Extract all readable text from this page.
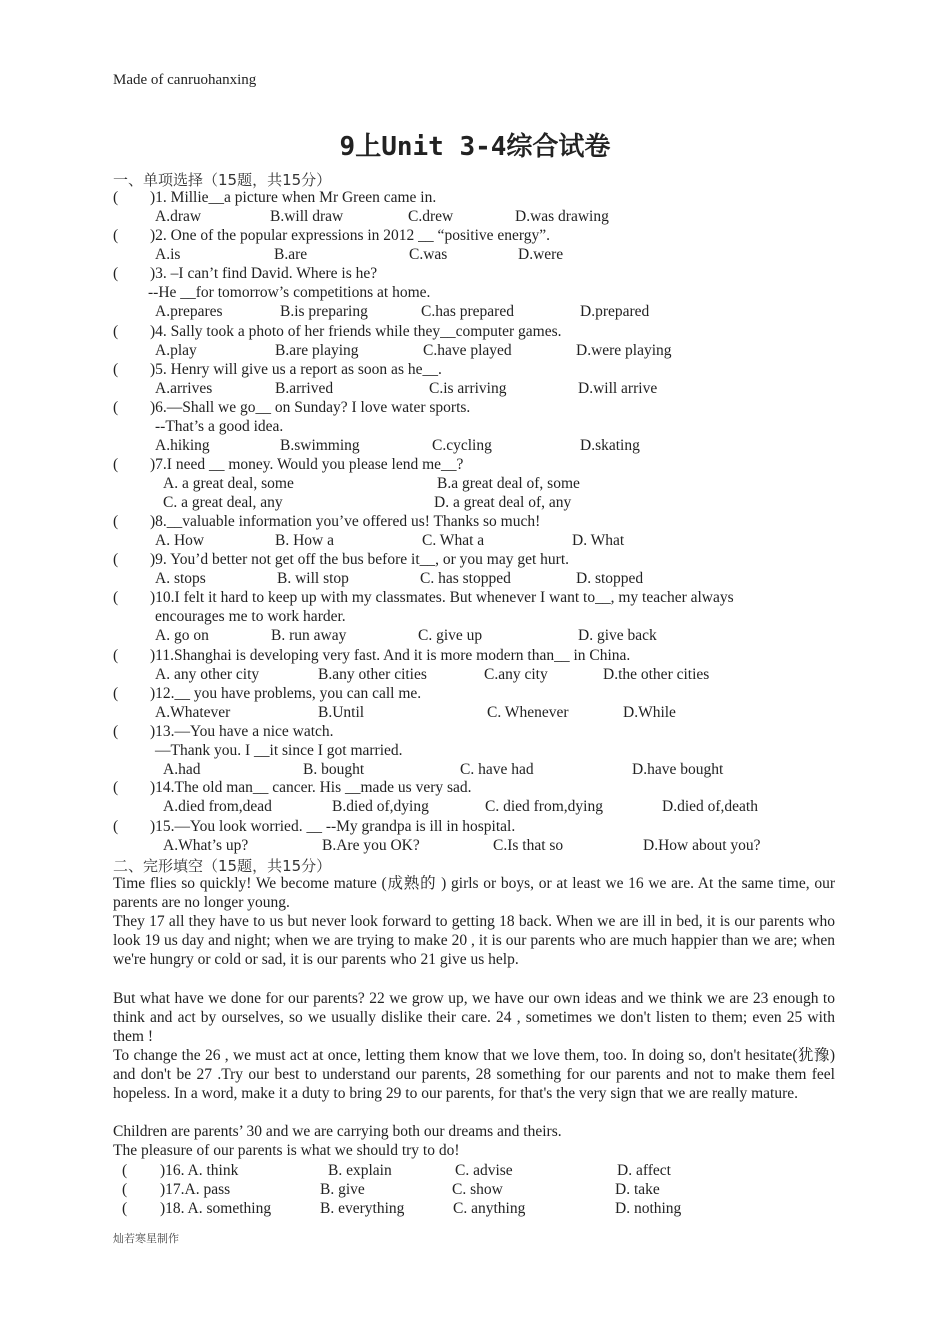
Made of canruohanxing
9上Unit 3-4综合试卷
一、单项选择（15题，共15分）
( )1. Millie__a picture when Mr Green came in.
A.draw	B.will draw	C.drew	D.was drawing
( )2. One of the popular expressions in 2012 __ “positive energy”.
A.is	B.are	C.was	D.were
( )3. –I can’t find David. Where is he?
--He __for tomorrow’s competitions at home.
A.prepares	B.is preparing	C.has prepared	D.prepared
( )4. Sally took a photo of her friends while they__computer games.
A.play	B.are playing	C.have played	D.were playing
( )5. Henry will give us a report as soon as he__.
A.arrives	B.arrived	C.is arriving	D.will arrive
( )6.—Shall we go__ on Sunday? I love water sports.
--That’s a good idea.
A.hiking	B.swimming	C.cycling	D.skating
( )7.I need __ money. Would you please lend me__?
A. a great deal, some	B.a great deal of, some
C. a great deal, any	D. a great deal of, any
( )8.__valuable information you’ve offered us! Thanks so much!
A. How	B. How a	C. What a	D. What
( )9. You’d better not get off the bus before it__, or you may get hurt.
A. stops	B. will stop	C. has stopped	D. stopped
( )10.I felt it hard to keep up with my classmates. But whenever I want to__, my teacher always
encourages me to work harder.
A. go on	B. run away	C. give up	D. give back
( )11.Shanghai is developing very fast. And it is more modern than__ in China.
A. any other city	B.any other cities	C.any city	D.the other cities
( )12.__ you have problems, you can call me.
A.Whatever	B.Until	C. Whenever	D.While
( )13.—You have a nice watch.
—Thank you. I __it since I got married.
A.had	B. bought	C. have had	D.have bought
( )14.The old man__ cancer. His __made us very sad.
A.died from,dead	B.died of,dying	C. died from,dying	D.died of,death
( )15.—You look worried. __ --My grandpa is ill in hospital.
A.What’s up?	B.Are you OK?	C.Is that so	D.How about you?
二、完形填空（15题，共15分）
Time flies so quickly! We become mature (成熟的 ) girls or boys, or at least we 16 we are. At the same time, our parents are no longer young.
They 17 all they have to us but never look forward to getting 18 back. When we are ill in bed, it is our parents who look 19 us day and night; when we are trying to make 20 , it is our parents who are much happier than we are; when we're hungry or cold or sad, it is our parents who 21 give us help.
But what have we done for our parents? 22 we grow up, we have our own ideas and we think we are 23 enough to think and act by ourselves, so we usually dislike their care. 24 , sometimes we don't listen to them; even 25 with them !
To change the 26 , we must act at once, letting them know that we love them, too. In doing so, don't hesitate(犹豫) and don't be 27 .Try our best to understand our parents, 28 something for our parents and not to make them feel hopeless. In a word, make it a duty to bring 29 to our parents, for that's the very sign that we are really mature.
Children are parents’ 30 and we are carrying both our dreams and theirs.
The pleasure of our parents is what we should try to do!
( )16. A. think	B. explain	C. advise	D. affect
( )17.A. pass	B. give	C. show	D. take
( )18. A. something	B. everything	C. anything	D. nothing
灿若寒星制作
